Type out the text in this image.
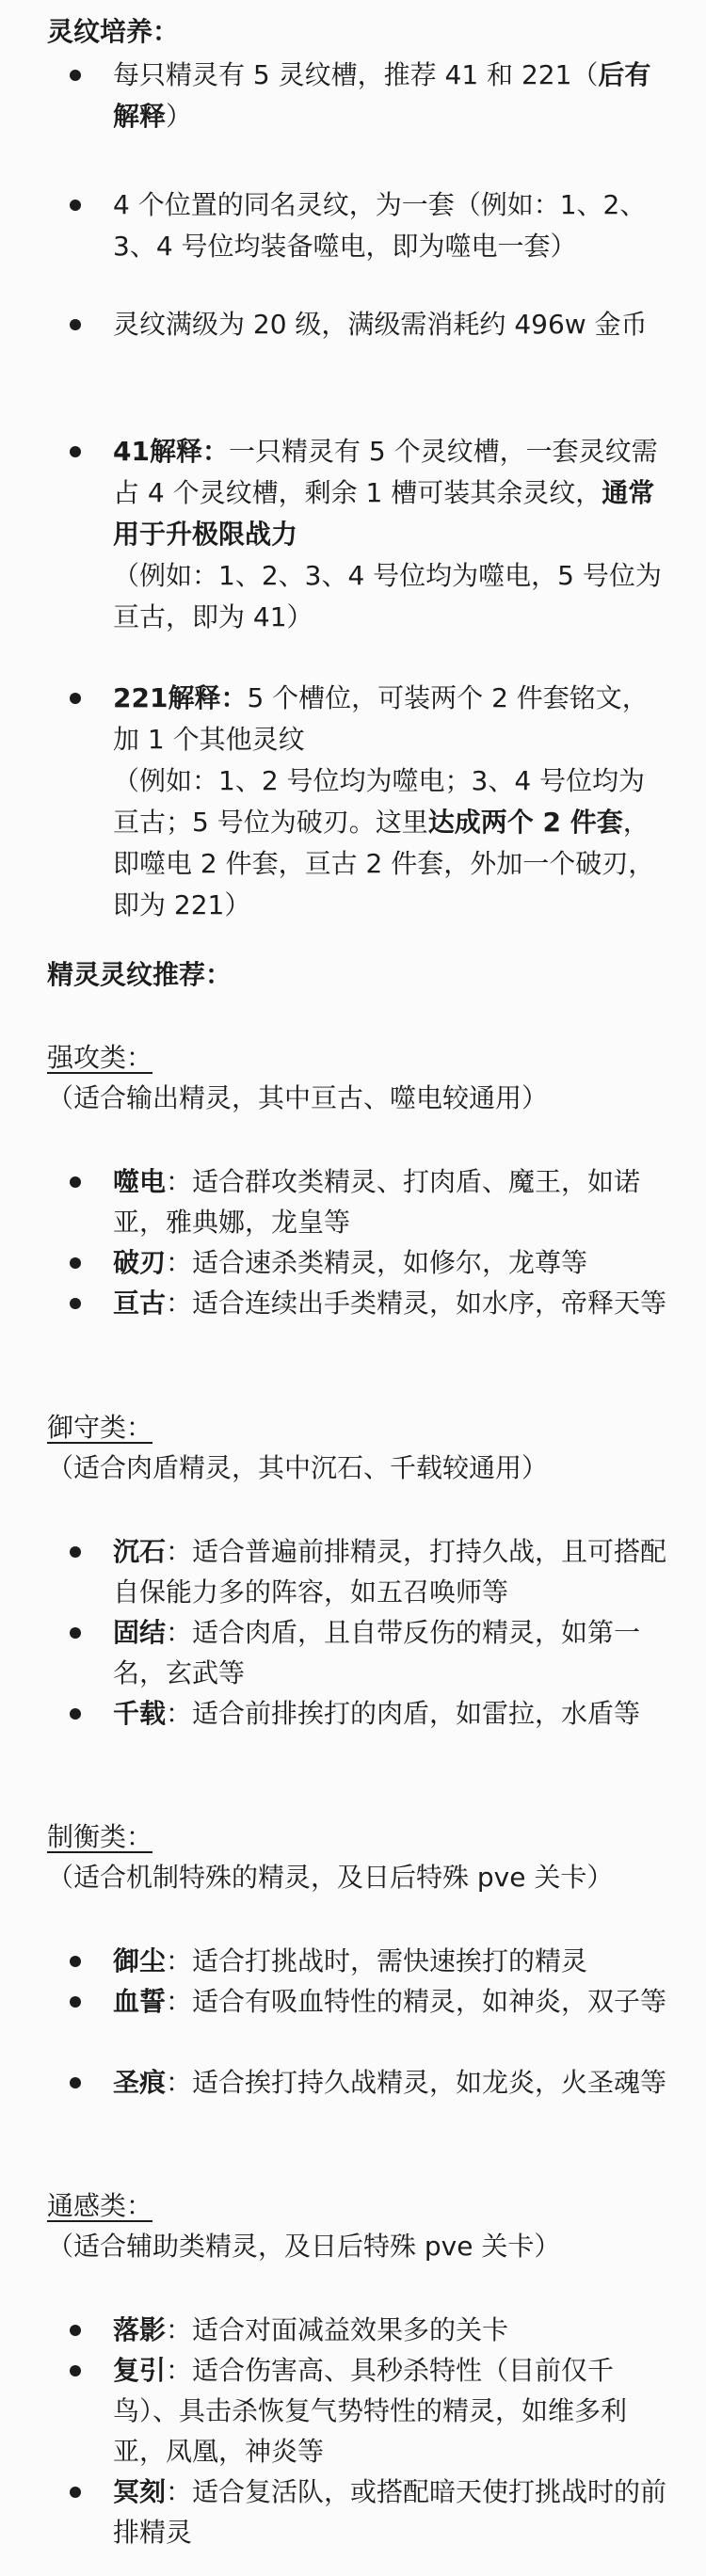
灵纹培养：
每只精灵有 5 灵纹槽，推荐 41 和 221（后有解释）
4 个位置的同名灵纹，为一套（例如：1、2、3、4 号位均装备噬电，即为噬电一套）
灵纹满级为 20 级，满级需消耗约 496w 金币
41解释：一只精灵有 5 个灵纹槽，一套灵纹需占 4 个灵纹槽，剩余 1 槽可装其余灵纹，通常用于升极限战力
（例如：1、2、3、4 号位均为噬电，5 号位为亘古，即为 41）
221解释：5 个槽位，可装两个 2 件套铭文，加 1 个其他灵纹
（例如：1、2 号位均为噬电；3、4 号位均为亘古；5 号位为破刃。这里达成两个 2 件套，即噬电 2 件套，亘古 2 件套，外加一个破刃，即为 221）
精灵灵纹推荐：
强攻类：
（适合输出精灵，其中亘古、噬电较通用）
噬电：适合群攻类精灵、打肉盾、魔王，如诺亚，雅典娜，龙皇等
破刃：适合速杀类精灵，如修尔，龙尊等
亘古：适合连续出手类精灵，如水序，帝释天等
御守类：
（适合肉盾精灵，其中沉石、千载较通用）
沉石：适合普遍前排精灵，打持久战，且可搭配自保能力多的阵容，如五召唤师等
固结：适合肉盾，且自带反伤的精灵，如第一名，玄武等
千载：适合前排挨打的肉盾，如雷拉，水盾等
制衡类：
（适合机制特殊的精灵，及日后特殊 pve 关卡）
御尘：适合打挑战时，需快速挨打的精灵
血誓：适合有吸血特性的精灵，如神炎，双子等
圣痕：适合挨打持久战精灵，如龙炎，火圣魂等
通感类：
（适合辅助类精灵，及日后特殊 pve 关卡）
落影：适合对面减益效果多的关卡
复引：适合伤害高、具秒杀特性（目前仅千鸟）、具击杀恢复气势特性的精灵，如维多利亚，凤凰，神炎等
冥刻：适合复活队，或搭配暗天使打挑战时的前排精灵
